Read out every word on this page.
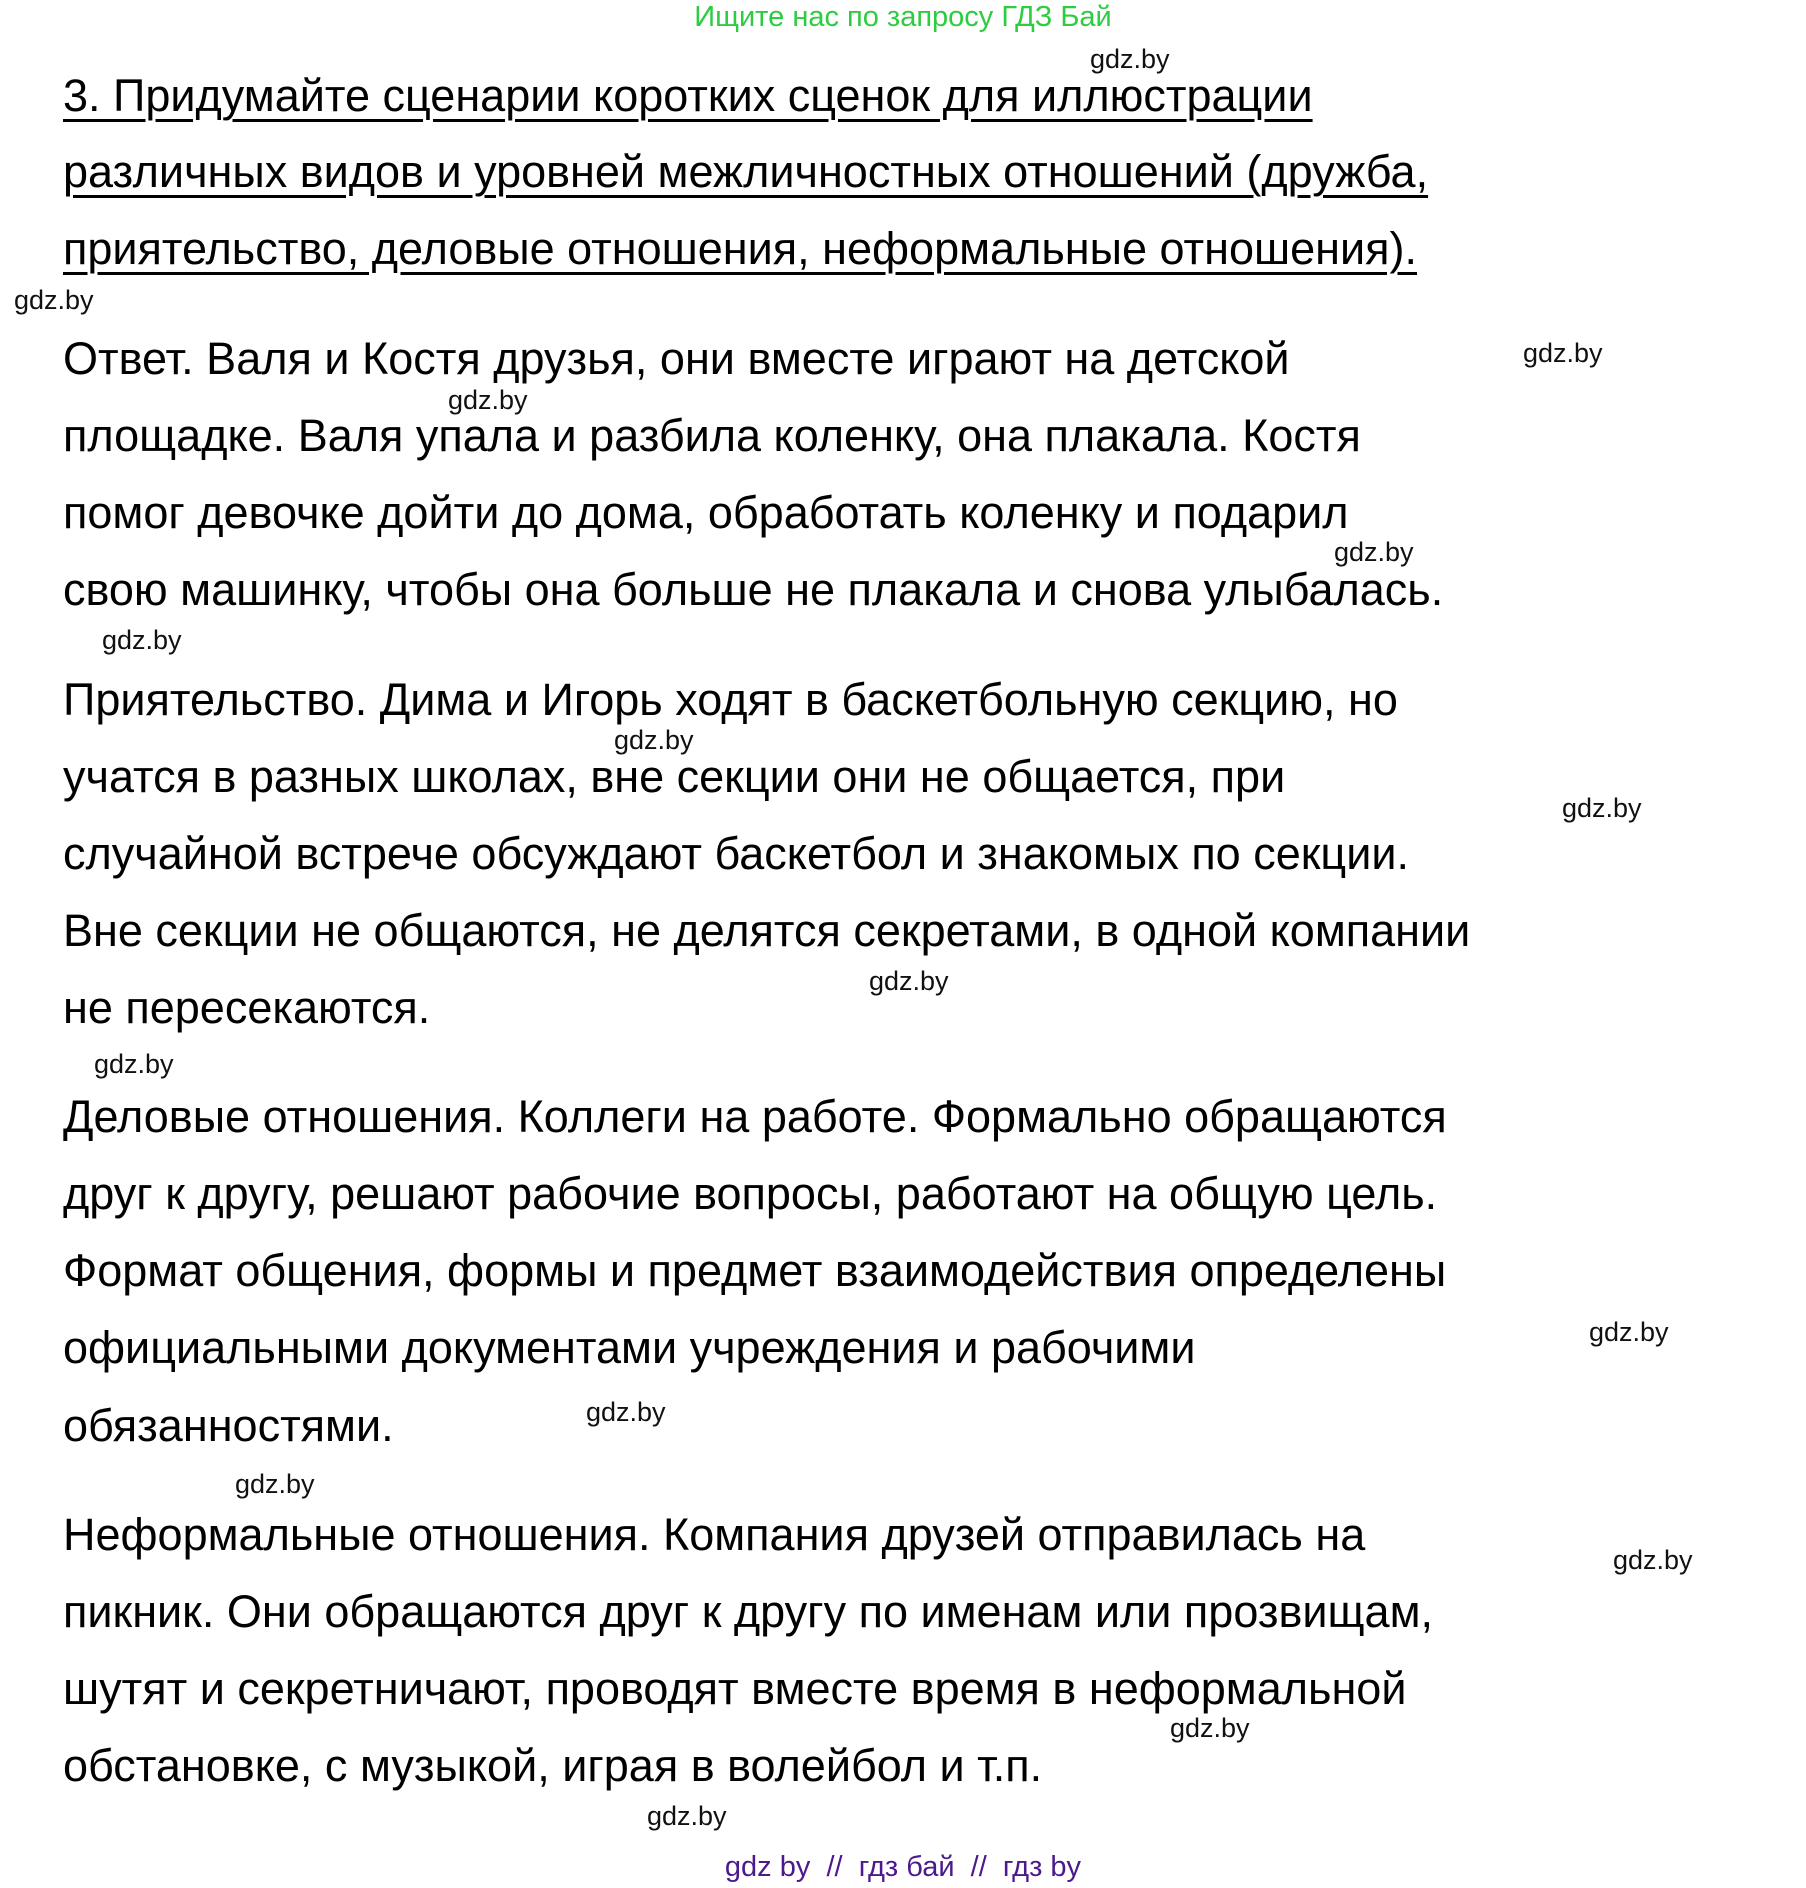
Ищите нас по запросу ГДЗ Бай
3. Придумайте сценарии коротких сценок для иллюстрации
различных видов и уровней межличностных отношений (дружба,
приятельство, деловые отношения, неформальные отношения).
Ответ. Валя и Костя друзья, они вместе играют на детской
площадке. Валя упала и разбила коленку, она плакала. Костя
помог девочке дойти до дома, обработать коленку и подарил
свою машинку, чтобы она больше не плакала и снова улыбалась.
Приятельство. Дима и Игорь ходят в баскетбольную секцию, но
учатся в разных школах, вне секции они не общается, при
случайной встрече обсуждают баскетбол и знакомых по секции.
Вне секции не общаются, не делятся секретами, в одной компании
не пересекаются.
Деловые отношения. Коллеги на работе. Формально обращаются
друг к другу, решают рабочие вопросы, работают на общую цель.
Формат общения, формы и предмет взаимодействия определены
официальными документами учреждения и рабочими
обязанностями.
Неформальные отношения. Компания друзей отправилась на
пикник. Они обращаются друг к другу по именам или прозвищам,
шутят и секретничают, проводят вместе время в неформальной
обстановке, с музыкой, играя в волейбол и т.п.
gdz.by
gdz.by
gdz.by
gdz.by
gdz.by
gdz.by
gdz.by
gdz.by
gdz.by
gdz.by
gdz.by
gdz.by
gdz.by
gdz.by
gdz.by
gdz.by
gdz by  //  гдз бай  //  гдз by
